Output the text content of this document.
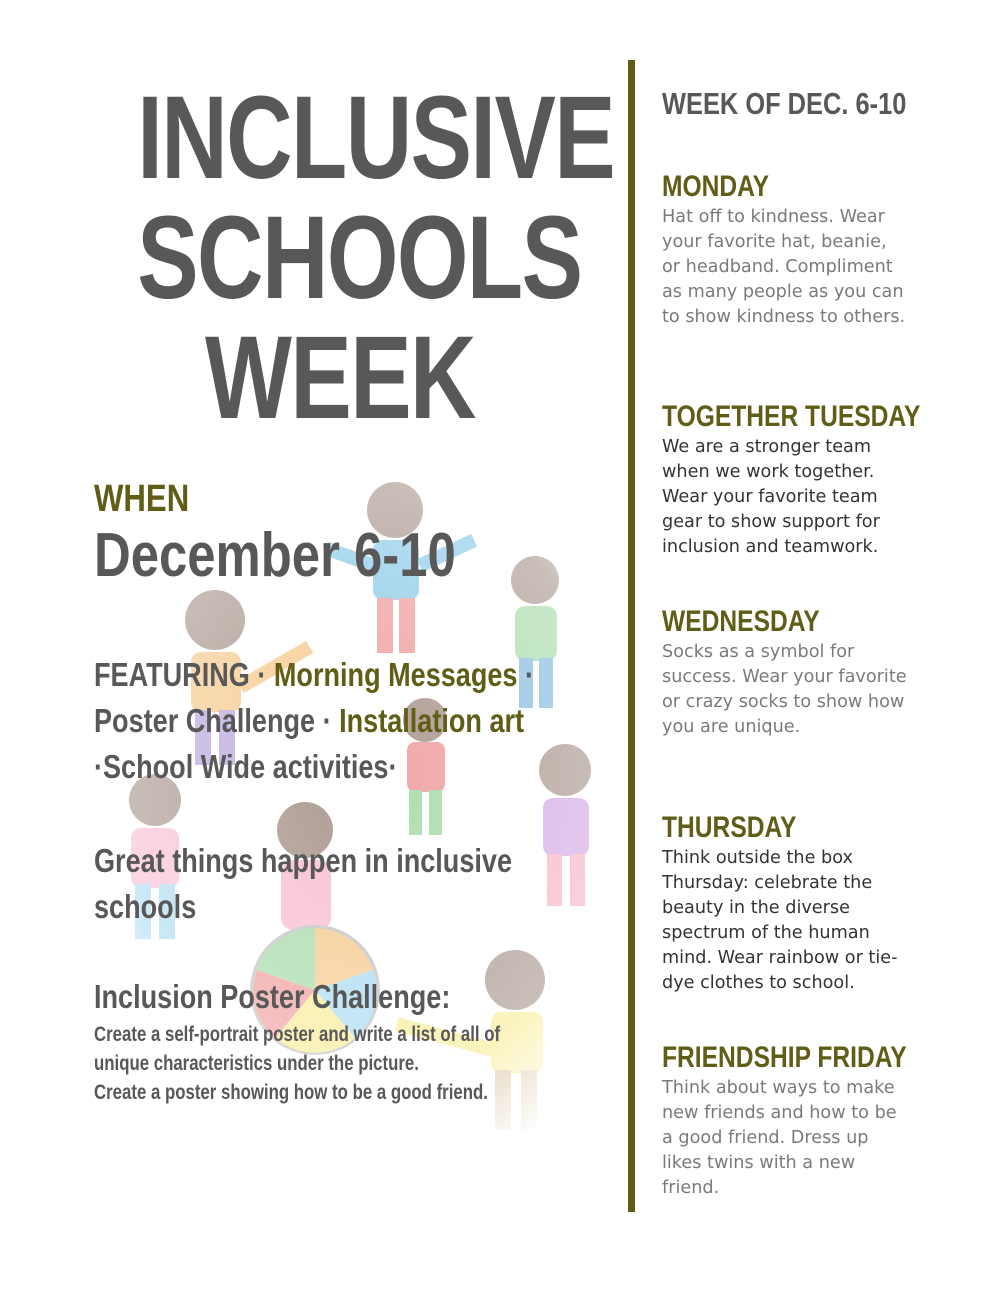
INCLUSIVE
SCHOOLS
WEEK
WHEN
December 6-10
FEATURING · Morning Messages ·
Poster Challenge · Installation art
·School Wide activities·
Great things happen in inclusive schools
Inclusion Poster Challenge:
Create a self-portrait poster and write a list of all of
unique characteristics under the picture.
Create a poster showing how to be a good friend.
WEEK OF DEC. 6-10
MONDAY
Hat off to kindness. Wear your favorite hat, beanie, or headband. Compliment as many people as you can to show kindness to others.
TOGETHER TUESDAY
We are a stronger team when we work together. Wear your favorite team gear to show support for inclusion and teamwork.
WEDNESDAY
Socks as a symbol for success. Wear your favorite or crazy socks to show how you are unique.
THURSDAY
Think outside the box Thursday: celebrate the beauty in the diverse spectrum of the human mind. Wear rainbow or tie-dye clothes to school.
FRIENDSHIP FRIDAY
Think about ways to make new friends and how to be a good friend. Dress up likes twins with a new friend.
